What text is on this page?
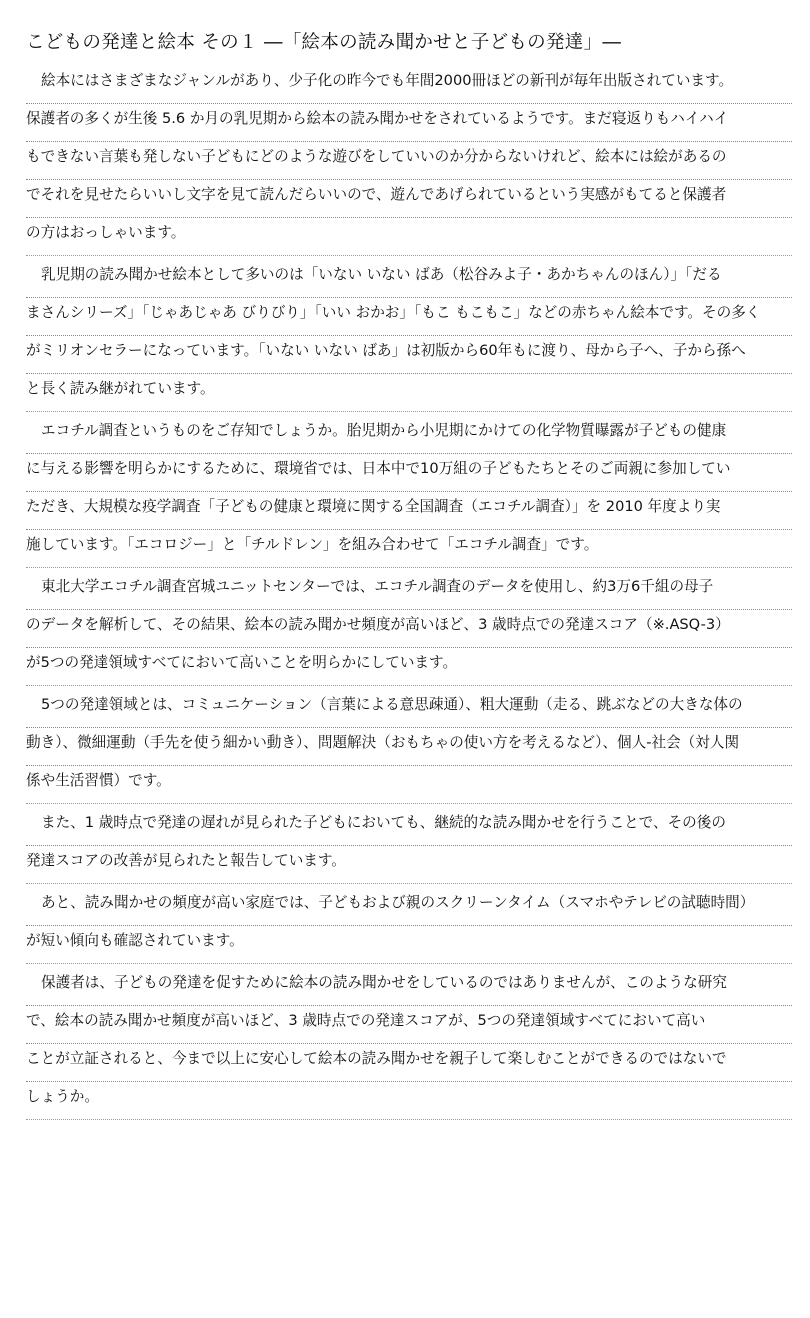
こどもの発達と絵本 その１ ―「絵本の読み聞かせと子どもの発達」―
絵本にはさまざまなジャンルがあり、少子化の昨今でも年間2000冊ほどの新刊が毎年出版されています。
保護者の多くが生後 5.6 か月の乳児期から絵本の読み聞かせをされているようです。まだ寝返りもハイハイ
もできない言葉も発しない子どもにどのような遊びをしていいのか分からないけれど、絵本には絵があるの
でそれを見せたらいいし文字を見て読んだらいいので、遊んであげられているという実感がもてると保護者
の方はおっしゃいます。
乳児期の読み聞かせ絵本として多いのは「いない いない ばあ（松谷みよ子・あかちゃんのほん）」「だる
まさんシリーズ」「じゃあじゃあ びりびり」「いい おかお」「もこ もこもこ」などの赤ちゃん絵本です。その多く
がミリオンセラーになっています。「いない いない ばあ」は初版から60年もに渡り、母から子へ、子から孫へ
と長く読み継がれています。
エコチル調査というものをご存知でしょうか。胎児期から小児期にかけての化学物質曝露が子どもの健康
に与える影響を明らかにするために、環境省では、日本中で10万組の子どもたちとそのご両親に参加してい
ただき、大規模な疫学調査「子どもの健康と環境に関する全国調査（エコチル調査）」を 2010 年度より実
施しています。「エコロジー」と「チルドレン」を組み合わせて「エコチル調査」です。
東北大学エコチル調査宮城ユニットセンターでは、エコチル調査のデータを使用し、約3万6千組の母子
のデータを解析して、その結果、絵本の読み聞かせ頻度が高いほど、3 歳時点での発達スコア（※.ASQ-3）
が5つの発達領域すべてにおいて高いことを明らかにしています。
5つの発達領域とは、コミュニケーション（言葉による意思疎通）、粗大運動（走る、跳ぶなどの大きな体の
動き）、微細運動（手先を使う細かい動き）、問題解決（おもちゃの使い方を考えるなど）、個人-社会（対人関
係や生活習慣）です。
また、1 歳時点で発達の遅れが見られた子どもにおいても、継続的な読み聞かせを行うことで、その後の
発達スコアの改善が見られたと報告しています。
あと、読み聞かせの頻度が高い家庭では、子どもおよび親のスクリーンタイム（スマホやテレビの試聴時間）
が短い傾向も確認されています。
保護者は、子どもの発達を促すために絵本の読み聞かせをしているのではありませんが、このような研究
で、絵本の読み聞かせ頻度が高いほど、3 歳時点での発達スコアが、5つの発達領域すべてにおいて高い
ことが立証されると、今まで以上に安心して絵本の読み聞かせを親子して楽しむことができるのではないで
しょうか。
